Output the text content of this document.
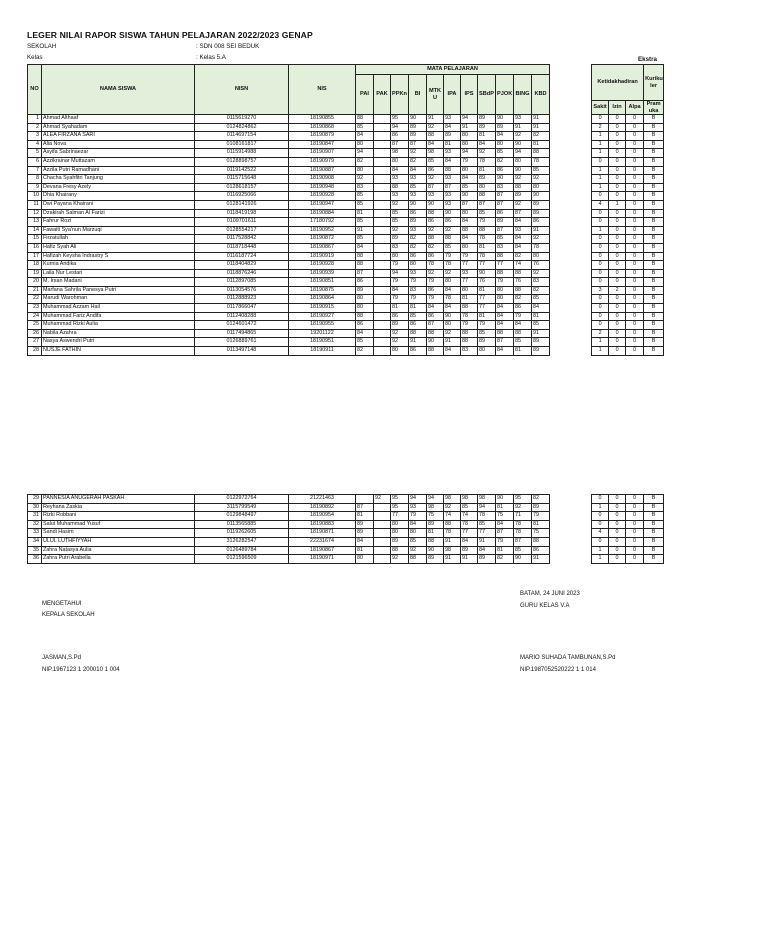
LEGER NILAI RAPOR SISWA TAHUN PELAJARAN 2022/2023 GENAP
SEKOLAH	: SDN 008 SEI BEDUK
Kelas	: Kelas 5.A	Ekstra
NO	NAMA SISWA	NISN	NIS	MATA PELAJARAN												Ketidakhadiran			Kuriku ler	
				PAI	PAK	PPKn	BI	MTK U	IPA	IPS	SBdP	PJOK	BING	KBD						
																Sakit	Izin	Alpa	Pram uka	
1	Ahmad Althaaf	0115619270	18190855	88		95	90	91	93	94	89	90	93	91		0	0	0	B	
2	Ahmad Syahadam	0124824862	18190868	85		94	89	92	84	91	89	89	91	91		2	0	0	B	
3	ALEA FIRZANA SARI	0114697154	18190879	84		86	89	88	89	80	81	84	92	82		1	0	0	B	
4	Alia Nova	0108161817	18190847	80		87	87	84	81	80	84	80	90	81		1	0	0	B	
5	Asyifa Sabrinaezar	0115914988	18190907	94		98	92	98	93	94	92	85	94	88		1	0	0	B	
6	Azzikrainar Muttazam	0128898757	18190979	82		80	82	85	84	79	78	82	80	78		0	0	0	B	
7	Azzila Putri Ramadhani	0119142522	18190887	80		84	84	86	88	80	81	86	90	85		1	0	0	B	
8	Chacha Syahfitri Tanjung	0115715648	18190908	92		93	93	92	93	84	89	90	92	92		1	0	0	B	
9	Devana Fresy Azely	0128618157	18190948	83		88	85	87	87	85	80	83	88	80		1	0	0	B	
10	Dhia Khairany	0116925066	18190928	85		93	93	93	93	90	88	87	89	90		0	0	0	B	
11	Dwi Payana Khairani	0128141926	18190947	85		92	90	90	93	87	87	87	92	89		4	1	0	B	
12	Dzakirah Salman Al Farizi	0118419198	18190884	81		85	86	88	90	80	85	86	87	89		0	0	0	B	
13	Fahrur Rozi	0109701611	17180792	85		85	89	86	86	84	79	89	84	86		0	0	0	B	
14	Fawaiti Sya'nun Marzuqi	0128554217	18190952	91		92	93	92	92	88	88	87	93	91		1	0	0	B	
15	Firzatullah	0117528842	18190872	85		89	82	88	88	84	78	85	84	92		0	0	0	B	
16	Hafiz Syah Ali	0118718448	18190867	84		83	82	82	85	80	81	83	84	78		0	0	0	B	
17	Hafizah Keysha Indrastry S	0116187724	18190919	88		80	86	86	79	79	78	88	82	80		0	0	0	B	
18	Kurnia Andika	0118404829	18190928	88		79	80	78	78	77	77	77	74	76		0	0	0	B	
19	Laila Nur Lestari	0118876246	18190939	87		94	93	92	92	93	90	88	88	92		0	0	0	B	
20	M. Irsan Madani	0112897085	18190851	86		79	79	79	80	77	76	79	76	83		0	0	0	B	
21	Marfana Sahrila Panesya Putri	0113054576	18190875	89		84	83	86	84	80	81	80	88	82		3	2	0	B	
22	Marudi Warohman	0112888923	18190864	80		79	79	79	78	81	77	80	82	85		0	0	0	B	
23	Muhammad Azzam Hail	0117866047	18190915	80		81	81	84	84	88	77	84	86	84		0	0	0	B	
24	Muhammad Fariz Andifa	0112408288	18190927	88		86	85	86	90	78	81	84	79	81		0	0	0	B	
25	Muhammad Rizki Aulia	0124601472	18190955	86		89	86	87	80	79	79	84	84	85		0	0	0	B	
26	Nabila Azahra	0117494865	19201122	84		92	88	88	92	88	85	88	88	91		2	0	0	B	
27	Nasya Aswendri Putri	0126889761	18190951	85		92	91	90	91	88	89	87	85	89		1	0	0	B	
28	NUSJE FATHIN	0113497148	18190911	82		80	86	88	84	83	80	84	81	89		1	0	0	B	
29	PANNESIA ANUGERAH PASKAH	0122972764	21221463		92	95	94	94	98	98	98	90	95	82		0	0	0	B
30	Reyhana Zaskia	3115799549	18190892	87		95	93	98	92	85	94	81	92	89		1	0	0	B
31	Rizki Robbani	0129848497	18190954	81		77	79	75	74	74	78	75	71	79		0	0	0	B
32	Salut Muhammad Yusuf	0113565885	18190883	89		80	84	89	88	78	85	84	78	81		0	0	0	B
33	Sandi Hasim	0119262605	18190871	89		80	80	81	78	77	77	87	78	75		4	0	0	B
34	ULUL LUTHFIYYAH	3126282547	22231674	84		89	85	88	91	84	91	79	87	88		0	0	0	B
35	Zahra Natasya Aulia	0126489784	18190867	81		88	92	90	98	89	84	81	85	86		1	0	0	B
36	Zahra Putri Arabella	0121596509	18190971	80		92	88	89	91	91	89	82	90	91		1	0	0	B
BATAM, 24 JUNI 2023
MENGETAHUI	GURU KELAS V.A
KEPALA SEKOLAH
JASMAN,S.Pd	MARIO SUHADA TAMBUNAN,S.Pd
NIP.1967123 1 200010 1 004	NIP.1987052520222 1 1 014
